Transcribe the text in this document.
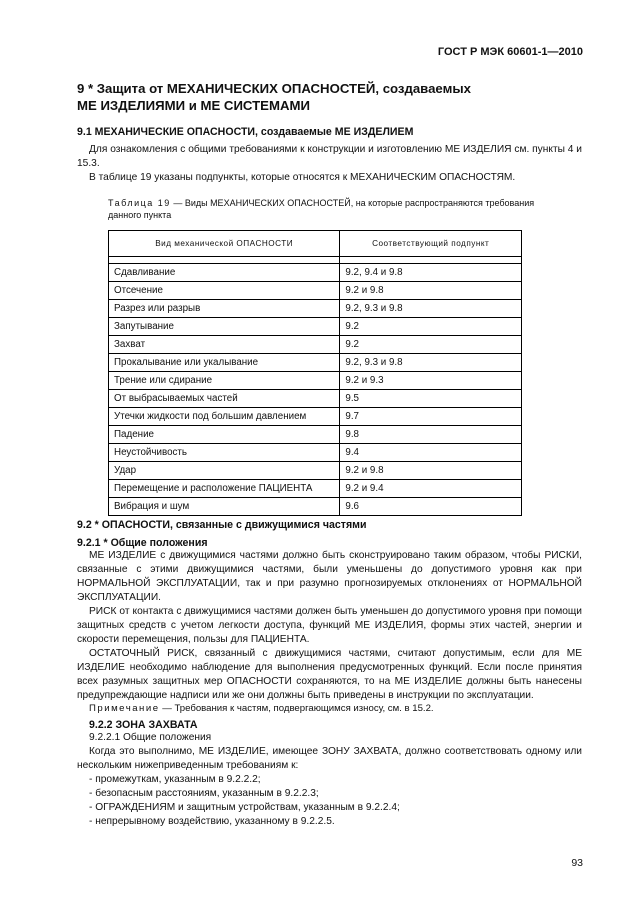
ГОСТ Р МЭК 60601-1—2010
9 * Защита от МЕХАНИЧЕСКИХ ОПАСНОСТЕЙ, создаваемых
МЕ ИЗДЕЛИЯМИ и МЕ СИСТЕМАМИ
9.1 МЕХАНИЧЕСКИЕ ОПАСНОСТИ, создаваемые МЕ ИЗДЕЛИЕМ
Для ознакомления с общими требованиями к конструкции и изготовлению МЕ ИЗДЕЛИЯ см. пункты 4 и 15.3.
В таблице 19 указаны подпункты, которые относятся к МЕХАНИЧЕСКИМ ОПАСНОСТЯМ.
Таблица 19 — Виды МЕХАНИЧЕСКИХ ОПАСНОСТЕЙ, на которые распространяются требования данного пункта
Вид механической ОПАСНОСТИ	Соответствующий подпункт

Сдавливание	9.2, 9.4 и 9.8
Отсечение	9.2 и 9.8
Разрез или разрыв	9.2, 9.3 и 9.8
Запутывание	9.2
Захват	9.2
Прокалывание или укалывание	9.2, 9.3 и 9.8
Трение или сдирание	9.2 и 9.3
От выбрасываемых частей	9.5
Утечки жидкости под большим давлением	9.7
Падение	9.8
Неустойчивость	9.4
Удар	9.2 и 9.8
Перемещение и расположение ПАЦИЕНТА	9.2 и 9.4
Вибрация и шум	9.6
9.2 * ОПАСНОСТИ, связанные с движущимися частями
9.2.1 * Общие положения
МЕ ИЗДЕЛИЕ с движущимися частями должно быть сконструировано таким образом, чтобы РИСКИ, связанные с этими движущимися частями, были уменьшены до допустимого уровня как при НОРМАЛЬНОЙ ЭКСПЛУАТАЦИИ, так и при разумно прогнозируемых отклонениях от НОРМАЛЬНОЙ ЭКСПЛУАТАЦИИ.
РИСК от контакта с движущимися частями должен быть уменьшен до допустимого уровня при помощи защитных средств с учетом легкости доступа, функций МЕ ИЗДЕЛИЯ, формы этих частей, энергии и скорости перемещения, пользы для ПАЦИЕНТА.
ОСТАТОЧНЫЙ РИСК, связанный с движущимися частями, считают допустимым, если для МЕ ИЗДЕЛИЕ необходимо наблюдение для выполнения предусмотренных функций. Если после принятия всех разумных защитных мер ОПАСНОСТИ сохраняются, то на МЕ ИЗДЕЛИЕ должны быть нанесены предупреждающие надписи или же они должны быть приведены в инструкции по эксплуатации.
Примечание — Требования к частям, подвергающимся износу, см. в 15.2.
9.2.2 ЗОНА ЗАХВАТА
9.2.2.1 Общие положения
Когда это выполнимо, МЕ ИЗДЕЛИЕ, имеющее ЗОНУ ЗАХВАТА, должно соответствовать одному или нескольким нижеприведенным требованиям к:
- промежуткам, указанным в 9.2.2.2;
- безопасным расстояниям, указанным в 9.2.2.3;
- ОГРАЖДЕНИЯМ и защитным устройствам, указанным в 9.2.2.4;
- непрерывному воздействию, указанному в 9.2.2.5.
93
